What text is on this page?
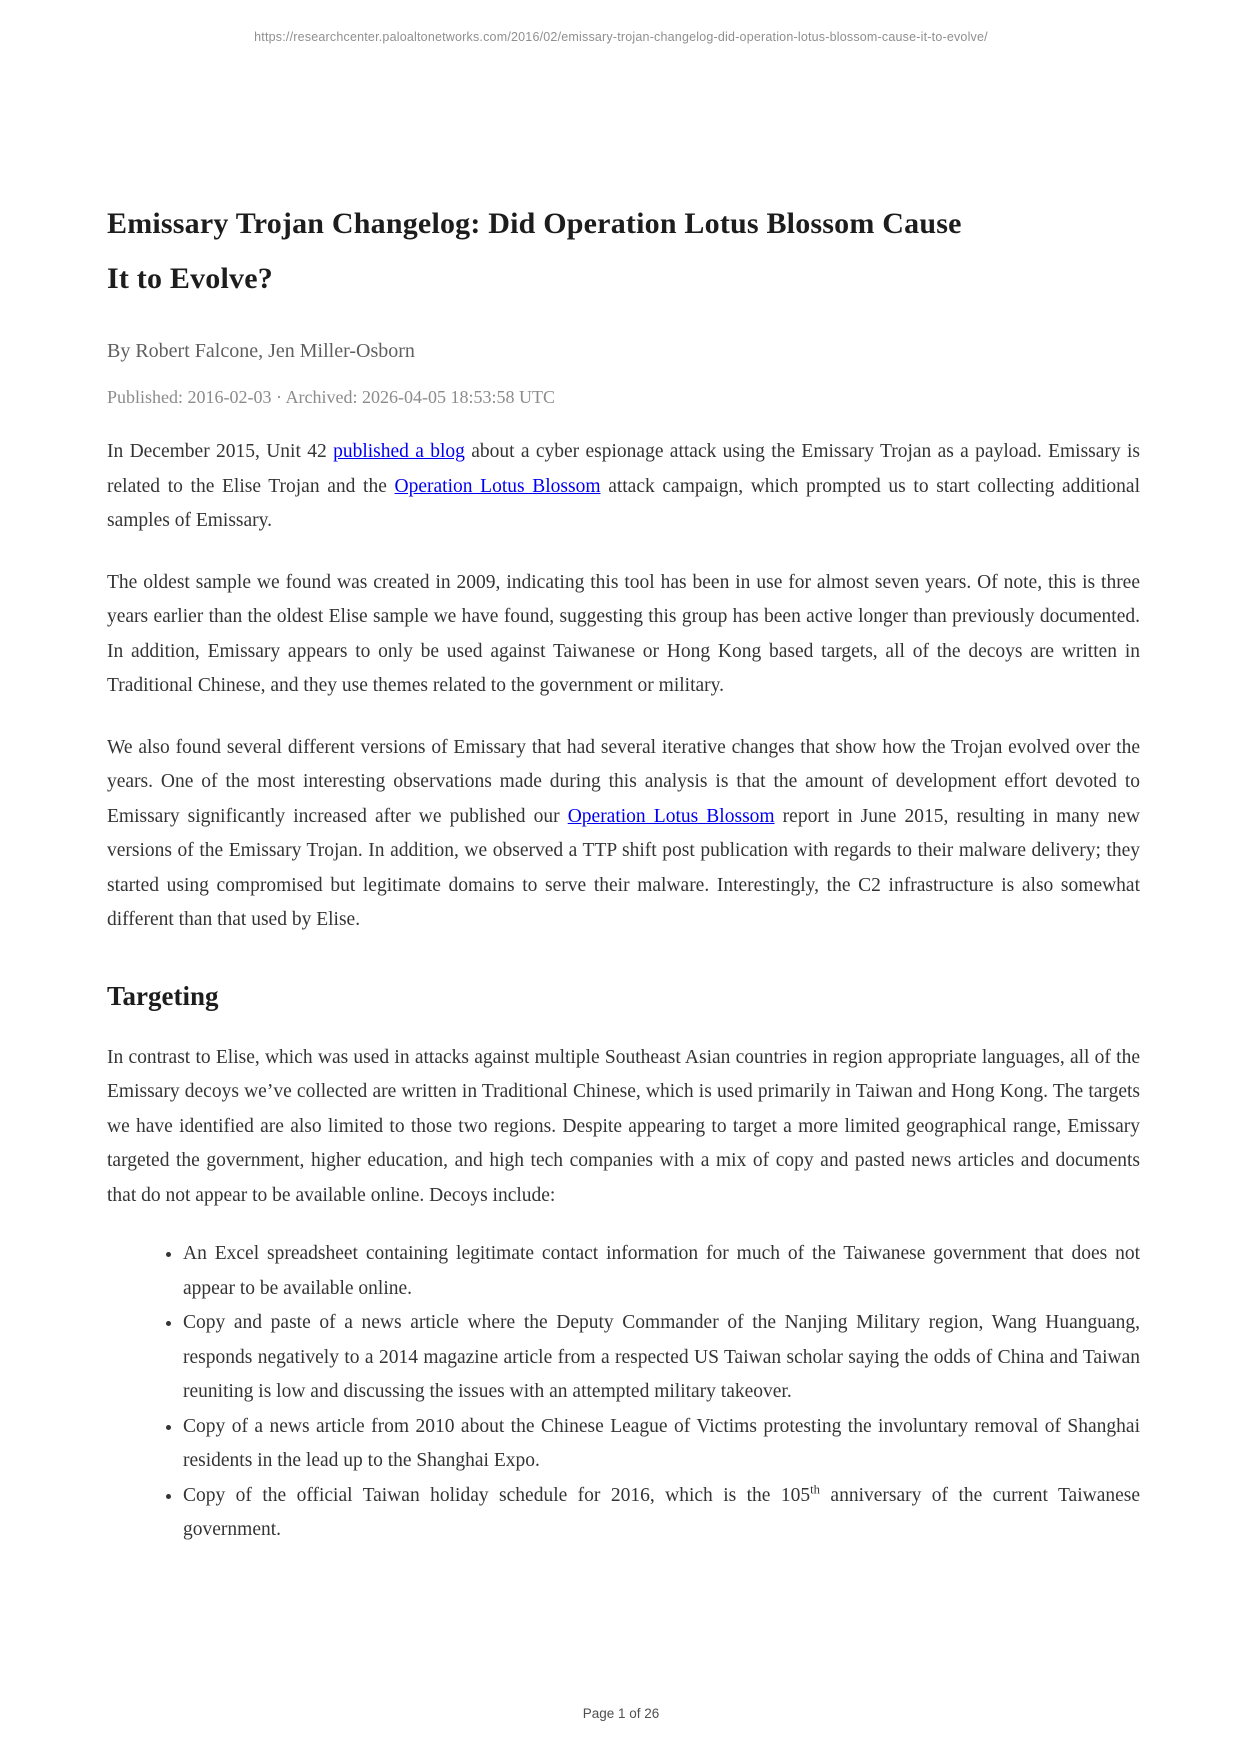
https://researchcenter.paloaltonetworks.com/2016/02/emissary-trojan-changelog-did-operation-lotus-blossom-cause-it-to-evolve/
Emissary Trojan Changelog: Did Operation Lotus Blossom Cause
It to Evolve?
By Robert Falcone, Jen Miller-Osborn
Published: 2016-02-03 · Archived: 2026-04-05 18:53:58 UTC

In December 2015, Unit 42 published a blog about a cyber espionage attack using the Emissary Trojan as a payload. Emissary is related to the Elise Trojan and the Operation Lotus Blossom attack campaign, which prompted us to start collecting additional samples of Emissary.

The oldest sample we found was created in 2009, indicating this tool has been in use for almost seven years. Of note, this is three years earlier than the oldest Elise sample we have found, suggesting this group has been active longer than previously documented. In addition, Emissary appears to only be used against Taiwanese or Hong Kong based targets, all of the decoys are written in Traditional Chinese, and they use themes related to the government or military.

We also found several different versions of Emissary that had several iterative changes that show how the Trojan evolved over the years. One of the most interesting observations made during this analysis is that the amount of development effort devoted to Emissary significantly increased after we published our Operation Lotus Blossom report in June 2015, resulting in many new versions of the Emissary Trojan. In addition, we observed a TTP shift post publication with regards to their malware delivery; they started using compromised but legitimate domains to serve their malware. Interestingly, the C2 infrastructure is also somewhat different than that used by Elise.

Targeting

In contrast to Elise, which was used in attacks against multiple Southeast Asian countries in region appropriate languages, all of the Emissary decoys we’ve collected are written in Traditional Chinese, which is used primarily in Taiwan and Hong Kong. The targets we have identified are also limited to those two regions. Despite appearing to target a more limited geographical range, Emissary targeted the government, higher education, and high tech companies with a mix of copy and pasted news articles and documents that do not appear to be available online. Decoys include:

• An Excel spreadsheet containing legitimate contact information for much of the Taiwanese government that does not appear to be available online.
• Copy and paste of a news article where the Deputy Commander of the Nanjing Military region, Wang Huanguang, responds negatively to a 2014 magazine article from a respected US Taiwan scholar saying the odds of China and Taiwan reuniting is low and discussing the issues with an attempted military takeover.
• Copy of a news article from 2010 about the Chinese League of Victims protesting the involuntary removal of Shanghai residents in the lead up to the Shanghai Expo.
• Copy of the official Taiwan holiday schedule for 2016, which is the 105th anniversary of the current Taiwanese government.
Page 1 of 26
